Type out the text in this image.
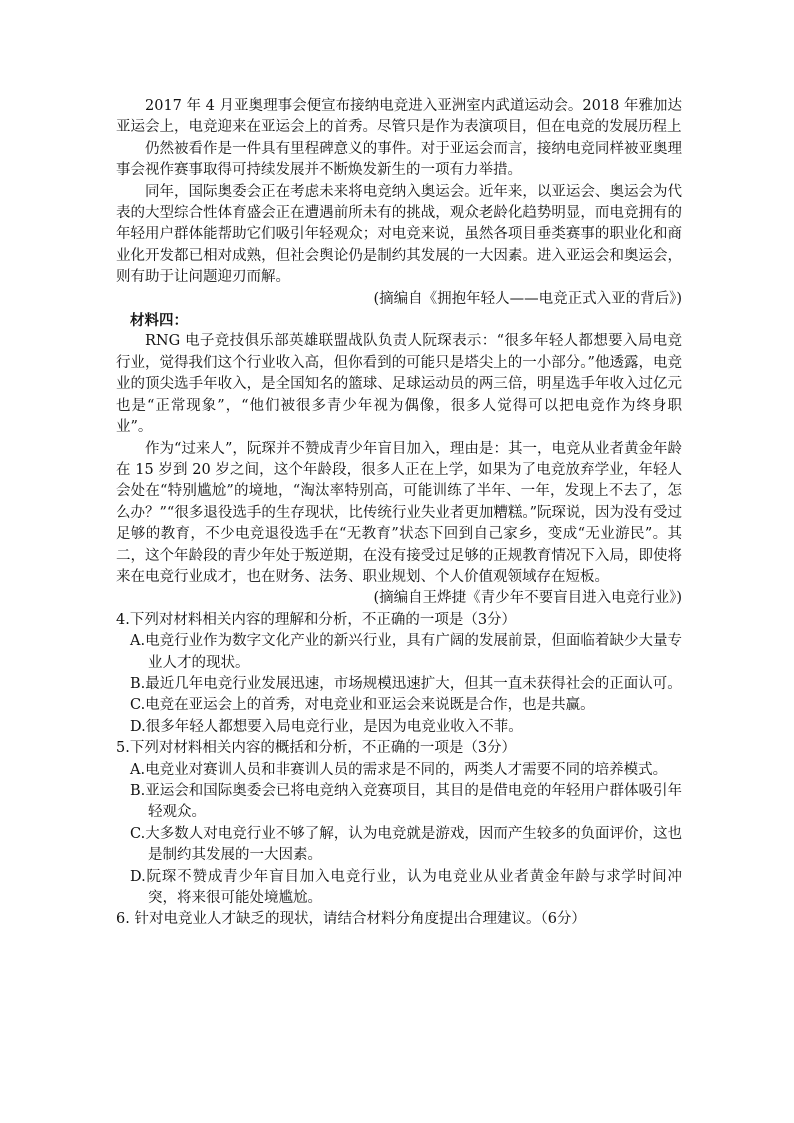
2017 年 4 月亚奥理事会便宣布接纳电竞进入亚洲室内武道运动会。2018 年雅加达亚运会上，电竞迎来在亚运会上的首秀。尽管只是作为表演项目，但在电竞的发展历程上

仍然被看作是一件具有里程碑意义的事件。对于亚运会而言，接纳电竞同样被亚奥理事会视作赛事取得可持续发展并不断焕发新生的一项有力举措。

同年，国际奥委会正在考虑未来将电竞纳入奥运会。近年来，以亚运会、奥运会为代表的大型综合性体育盛会正在遭遇前所未有的挑战，观众老龄化趋势明显，而电竞拥有的年轻用户群体能帮助它们吸引年轻观众；对电竞来说，虽然各项目垂类赛事的职业化和商业化开发都已相对成熟，但社会舆论仍是制约其发展的一大因素。进入亚运会和奥运会，则有助于让问题迎刃而解。

(摘编自《拥抱年轻人——电竞正式入亚的背后》)

材料四：

RNG 电子竞技俱乐部英雄联盟战队负责人阮琛表示：“很多年轻人都想要入局电竞行业，觉得我们这个行业收入高，但你看到的可能只是塔尖上的一小部分。”他透露，电竞业的顶尖选手年收入，是全国知名的篮球、足球运动员的两三倍，明星选手年收入过亿元也是“正常现象”，“他们被很多青少年视为偶像，很多人觉得可以把电竞作为终身职业”。

作为“过来人”，阮琛并不赞成青少年盲目加入，理由是：其一，电竞从业者黄金年龄在 15 岁到 20 岁之间，这个年龄段，很多人正在上学，如果为了电竞放弃学业，年轻人会处在“特别尴尬”的境地，“淘汰率特别高，可能训练了半年、一年，发现上不去了，怎么办？”“很多退役选手的生存现状，比传统行业失业者更加糟糕。”阮琛说，因为没有受过足够的教育，不少电竞退役选手在“无教育”状态下回到自己家乡，变成“无业游民”。其二，这个年龄段的青少年处于叛逆期，在没有接受过足够的正规教育情况下入局，即使将来在电竞行业成才，也在财务、法务、职业规划、个人价值观领域存在短板。

(摘编自王烨捷《青少年不要盲目进入电竞行业》)

4.下列对材料相关内容的理解和分析，不正确的一项是（3分）

A.电竞行业作为数字文化产业的新兴行业，具有广阔的发展前景，但面临着缺少大量专业人才的现状。

B.最近几年电竞行业发展迅速，市场规模迅速扩大，但其一直未获得社会的正面认可。

C.电竞在亚运会上的首秀，对电竞业和亚运会来说既是合作，也是共赢。

D.很多年轻人都想要入局电竞行业，是因为电竞业收入不菲。

5.下列对材料相关内容的概括和分析，不正确的一项是（3分）

A.电竞业对赛训人员和非赛训人员的需求是不同的，两类人才需要不同的培养模式。

B.亚运会和国际奥委会已将电竞纳入竞赛项目，其目的是借电竞的年轻用户群体吸引年轻观众。

C.大多数人对电竞行业不够了解，认为电竞就是游戏，因而产生较多的负面评价，这也是制约其发展的一大因素。

D.阮琛不赞成青少年盲目加入电竞行业，认为电竞业从业者黄金年龄与求学时间冲突，将来很可能处境尴尬。

6. 针对电竞业人才缺乏的现状，请结合材料分角度提出合理建议。（6分）
